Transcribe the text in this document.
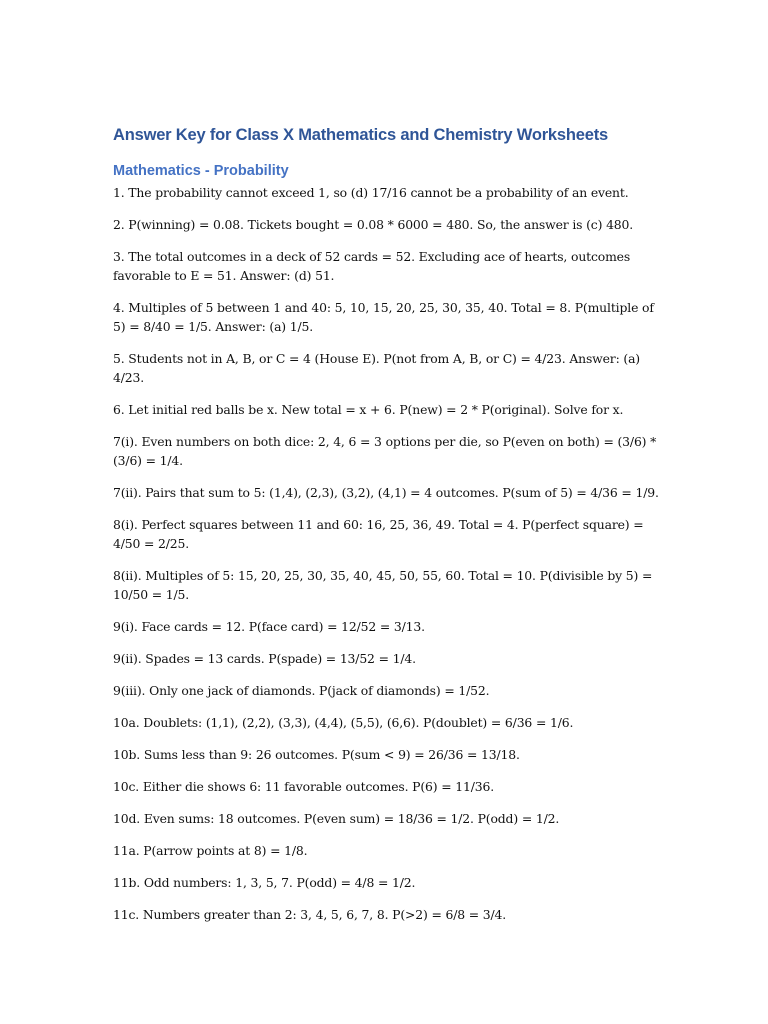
Answer Key for Class X Mathematics and Chemistry Worksheets
Mathematics - Probability

1. The probability cannot exceed 1, so (d) 17/16 cannot be a probability of an event.

2. P(winning) = 0.08. Tickets bought = 0.08 * 6000 = 480. So, the answer is (c) 480.

3. The total outcomes in a deck of 52 cards = 52. Excluding ace of hearts, outcomes favorable to E = 51. Answer: (d) 51.

4. Multiples of 5 between 1 and 40: 5, 10, 15, 20, 25, 30, 35, 40. Total = 8. P(multiple of 5) = 8/40 = 1/5. Answer: (a) 1/5.

5. Students not in A, B, or C = 4 (House E). P(not from A, B, or C) = 4/23. Answer: (a) 4/23.

6. Let initial red balls be x. New total = x + 6. P(new) = 2 * P(original). Solve for x.

7(i). Even numbers on both dice: 2, 4, 6 = 3 options per die, so P(even on both) = (3/6) * (3/6) = 1/4.

7(ii). Pairs that sum to 5: (1,4), (2,3), (3,2), (4,1) = 4 outcomes. P(sum of 5) = 4/36 = 1/9.

8(i). Perfect squares between 11 and 60: 16, 25, 36, 49. Total = 4. P(perfect square) = 4/50 = 2/25.

8(ii). Multiples of 5: 15, 20, 25, 30, 35, 40, 45, 50, 55, 60. Total = 10. P(divisible by 5) = 10/50 = 1/5.

9(i). Face cards = 12. P(face card) = 12/52 = 3/13.

9(ii). Spades = 13 cards. P(spade) = 13/52 = 1/4.

9(iii). Only one jack of diamonds. P(jack of diamonds) = 1/52.

10a. Doublets: (1,1), (2,2), (3,3), (4,4), (5,5), (6,6). P(doublet) = 6/36 = 1/6.

10b. Sums less than 9: 26 outcomes. P(sum < 9) = 26/36 = 13/18.

10c. Either die shows 6: 11 favorable outcomes. P(6) = 11/36.

10d. Even sums: 18 outcomes. P(even sum) = 18/36 = 1/2. P(odd) = 1/2.

11a. P(arrow points at 8) = 1/8.

11b. Odd numbers: 1, 3, 5, 7. P(odd) = 4/8 = 1/2.

11c. Numbers greater than 2: 3, 4, 5, 6, 7, 8. P(>2) = 6/8 = 3/4.
